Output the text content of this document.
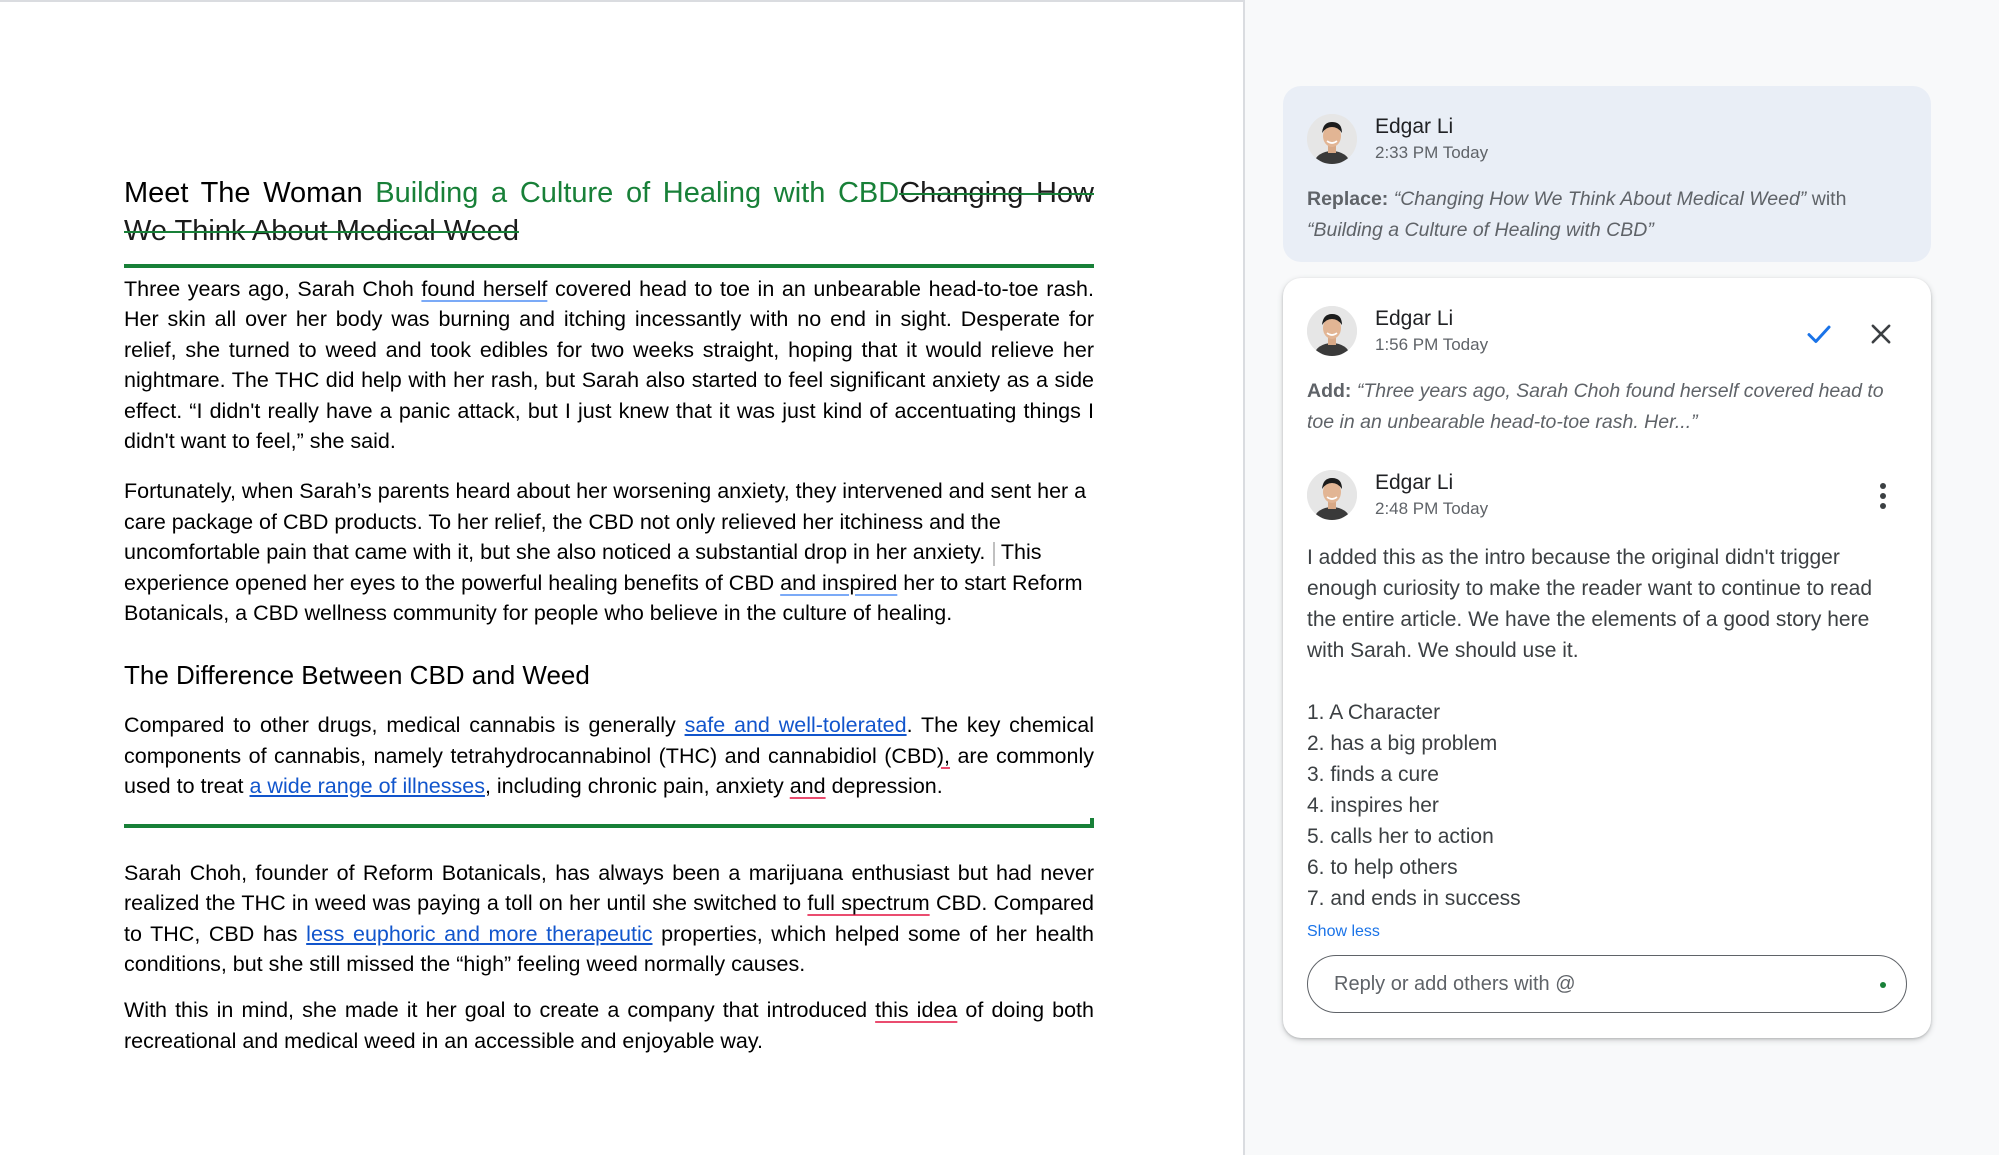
Meet The Woman Building a Culture of Healing with CBDChanging How We Think About Medical Weed

Three years ago, Sarah Choh found herself covered head to toe in an unbearable head-to-toe rash. Her skin all over her body was burning and itching incessantly with no end in sight. Desperate for relief, she turned to weed and took edibles for two weeks straight, hoping that it would relieve her nightmare. The THC did help with her rash, but Sarah also started to feel significant anxiety as a side effect. “I didn't really have a panic attack, but I just knew that it was just kind of accentuating things I didn't want to feel,” she said.

Fortunately, when Sarah’s parents heard about her worsening anxiety, they intervened and sent her a care package of CBD products. To her relief, the CBD not only relieved her itchiness and the uncomfortable pain that came with it, but she also noticed a substantial drop in her anxiety. This experience opened her eyes to the powerful healing benefits of CBD and inspired her to start Reform Botanicals, a CBD wellness community for people who believe in the culture of healing.

The Difference Between CBD and Weed

Compared to other drugs, medical cannabis is generally safe and well-tolerated. The key chemical components of cannabis, namely tetrahydrocannabinol (THC) and cannabidiol (CBD), are commonly used to treat a wide range of illnesses, including chronic pain, anxiety and depression.

Sarah Choh, founder of Reform Botanicals, has always been a marijuana enthusiast but had never realized the THC in weed was paying a toll on her until she switched to full spectrum CBD. Compared to THC, CBD has less euphoric and more therapeutic properties, which helped some of her health conditions, but she still missed the “high” feeling weed normally causes.

With this in mind, she made it her goal to create a company that introduced this idea of doing both recreational and medical weed in an accessible and enjoyable way.

Edgar Li
2:33 PM Today
Replace: “Changing How We Think About Medical Weed” with “Building a Culture of Healing with CBD”
Edgar Li
1:56 PM Today
Add: “Three years ago, Sarah Choh found herself covered head to toe in an unbearable head-to-toe rash. Her...”
Edgar Li
2:48 PM Today

I added this as the intro because the original didn't trigger enough curiosity to make the reader want to continue to read the entire article. We have the elements of a good story here with Sarah. We should use it.

1. A Character
2. has a big problem
3. finds a cure
4. inspires her
5. calls her to action
6. to help others
7. and ends in success
Show less
Reply or add others with @
